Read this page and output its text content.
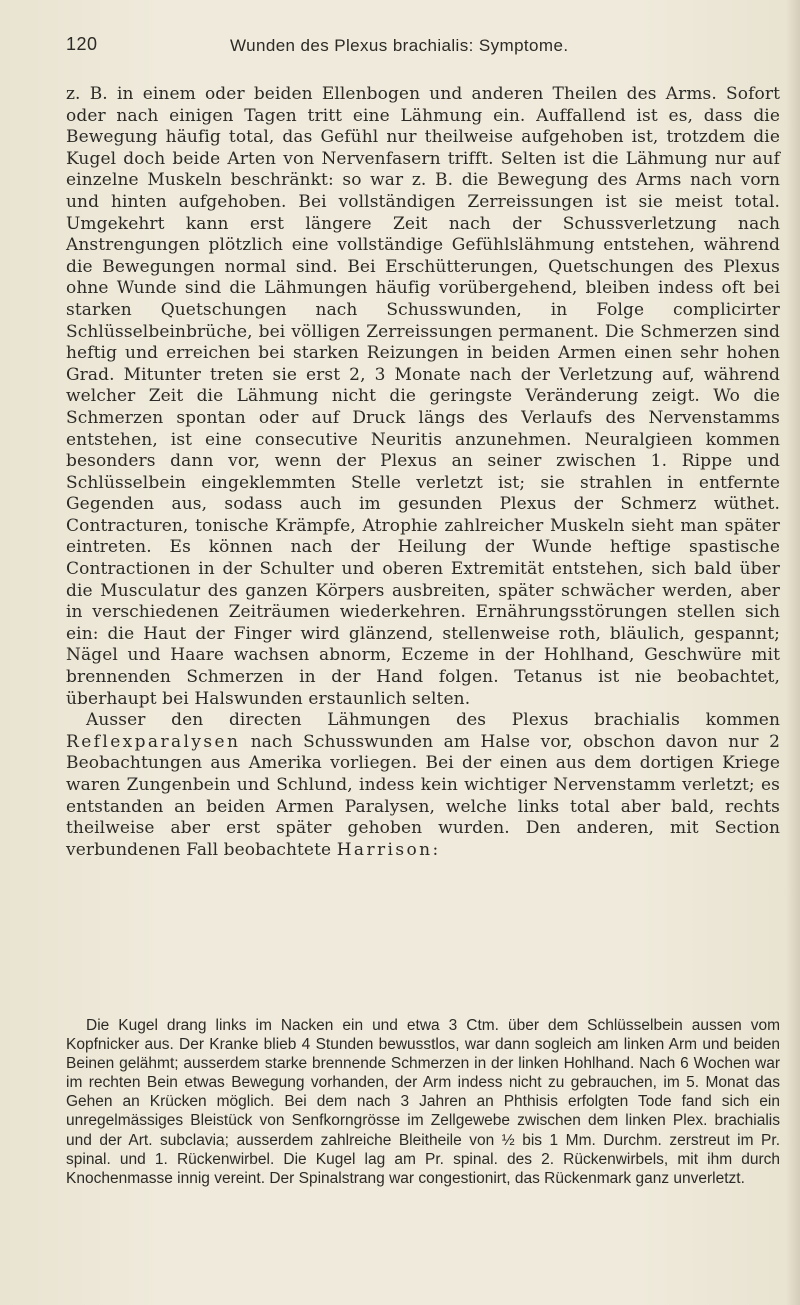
120	Wunden des Plexus brachialis: Symptome.

z. B. in einem oder beiden Ellenbogen und anderen Theilen des Arms. Sofort oder nach einigen Tagen tritt eine Lähmung ein. Auffallend ist es, dass die Bewegung häufig total, das Gefühl nur theilweise aufgehoben ist, trotzdem die Kugel doch beide Arten von Nervenfasern trifft. Selten ist die Lähmung nur auf einzelne Muskeln beschränkt: so war z. B. die Bewegung des Arms nach vorn und hinten aufgehoben. Bei vollständigen Zerreissungen ist sie meist total. Umgekehrt kann erst längere Zeit nach der Schussverletzung nach Anstrengungen plötzlich eine vollständige Gefühlslähmung entstehen, während die Bewegungen normal sind. Bei Erschütterungen, Quetschungen des Plexus ohne Wunde sind die Lähmungen häufig vorübergehend, bleiben indess oft bei starken Quetschungen nach Schusswunden, in Folge complicirter Schlüsselbeinbrüche, bei völligen Zerreissungen permanent. Die Schmerzen sind heftig und erreichen bei starken Reizungen in beiden Armen einen sehr hohen Grad. Mitunter treten sie erst 2, 3 Monate nach der Verletzung auf, während welcher Zeit die Lähmung nicht die geringste Veränderung zeigt. Wo die Schmerzen spontan oder auf Druck längs des Verlaufs des Nervenstamms entstehen, ist eine consecutive Neuritis anzunehmen. Neuralgieen kommen besonders dann vor, wenn der Plexus an seiner zwischen 1. Rippe und Schlüsselbein eingeklemmten Stelle verletzt ist; sie strahlen in entfernte Gegenden aus, sodass auch im gesunden Plexus der Schmerz wüthet. Contracturen, tonische Krämpfe, Atrophie zahlreicher Muskeln sieht man später eintreten. Es können nach der Heilung der Wunde heftige spastische Contractionen in der Schulter und oberen Extremität entstehen, sich bald über die Musculatur des ganzen Körpers ausbreiten, später schwächer werden, aber in verschiedenen Zeiträumen wiederkehren. Ernährungsstörungen stellen sich ein: die Haut der Finger wird glänzend, stellenweise roth, bläulich, gespannt; Nägel und Haare wachsen abnorm, Eczeme in der Hohlhand, Geschwüre mit brennenden Schmerzen in der Hand folgen. Tetanus ist nie beobachtet, überhaupt bei Halswunden erstaunlich selten.

Ausser den directen Lähmungen des Plexus brachialis kommen Reflexparalysen nach Schusswunden am Halse vor, obschon davon nur 2 Beobachtungen aus Amerika vorliegen. Bei der einen aus dem dortigen Kriege waren Zungenbein und Schlund, indess kein wichtiger Nervenstamm verletzt; es entstanden an beiden Armen Paralysen, welche links total aber bald, rechts theilweise aber erst später gehoben wurden. Den anderen, mit Section verbundenen Fall beobachtete Harrison:

Die Kugel drang links im Nacken ein und etwa 3 Ctm. über dem Schlüsselbein aussen vom Kopfnicker aus. Der Kranke blieb 4 Stunden bewusstlos, war dann sogleich am linken Arm und beiden Beinen gelähmt; ausserdem starke brennende Schmerzen in der linken Hohlhand. Nach 6 Wochen war im rechten Bein etwas Bewegung vorhanden, der Arm indess nicht zu gebrauchen, im 5. Monat das Gehen an Krücken möglich. Bei dem nach 3 Jahren an Phthisis erfolgten Tode fand sich ein unregelmässiges Bleistück von Senfkorngrösse im Zellgewebe zwischen dem linken Plex. brachialis und der Art. subclavia; ausserdem zahlreiche Bleitheile von ½ bis 1 Mm. Durchm. zerstreut im Pr. spinal. und 1. Rückenwirbel. Die Kugel lag am Pr. spinal. des 2. Rückenwirbels, mit ihm durch Knochenmasse innig vereint. Der Spinalstrang war congestionirt, das Rückenmark ganz unverletzt.
